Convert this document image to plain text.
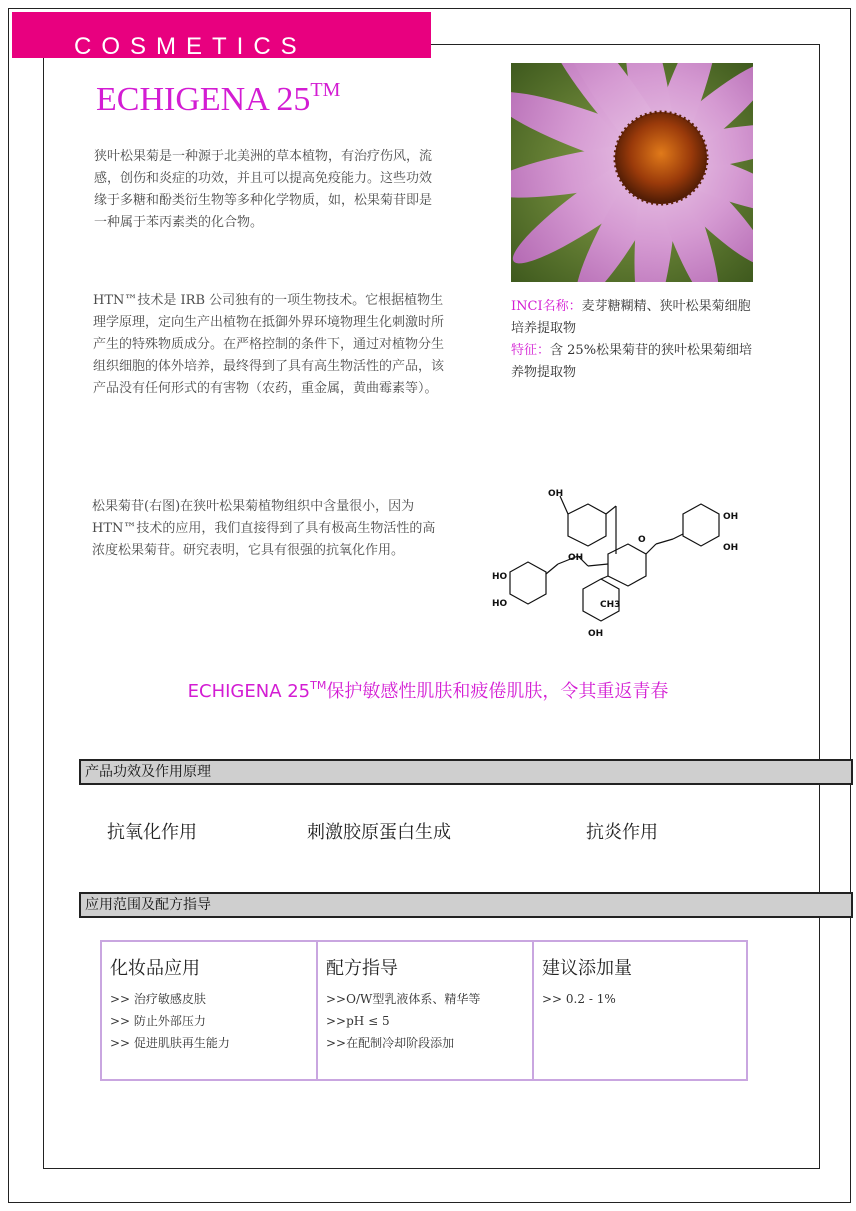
COSMETICS
ECHIGENA 25™
狭叶松果菊是一种源于北美洲的草本植物，有治疗伤风，流感，创伤和炎症的功效，并且可以提高免疫能力。这些功效缘于多糖和酚类衍生物等多种化学物质，如，松果菊苷即是一种属于苯丙素类的化合物。
HTN™技术是 IRB 公司独有的一项生物技术。它根据植物生理学原理，定向生产出植物在抵御外界环境物理生化刺激时所产生的特殊物质成分。在严格控制的条件下，通过对植物分生组织细胞的体外培养，最终得到了具有高生物活性的产品，该产品没有任何形式的有害物（农药，重金属，黄曲霉素等）。
松果菊苷(右图)在狭叶松果菊植物组织中含量很小，因为HTN™技术的应用，我们直接得到了具有极高生物活性的高浓度松果菊苷。研究表明，它具有很强的抗氧化作用。
INCI名称：麦芽糖糊精、狭叶松果菊细胞培养提取物
特征：含 25%松果菊苷的狭叶松果菊细培养物提取物
OH
OH
OH
OH
HO
HO
O
CH3
OH
ECHIGENA 25™保护敏感性肌肤和疲倦肌肤，令其重返青春
产品功效及作用原理
抗氧化作用	刺激胶原蛋白生成	抗炎作用
应用范围及配方指导
化妆品应用
>> 治疗敏感皮肤
>> 防止外部压力
>> 促进肌肤再生能力
配方指导
>>O/W型乳液体系、精华等
>>pH ≤ 5
>>在配制冷却阶段添加
建议添加量
>> 0.2 - 1%
